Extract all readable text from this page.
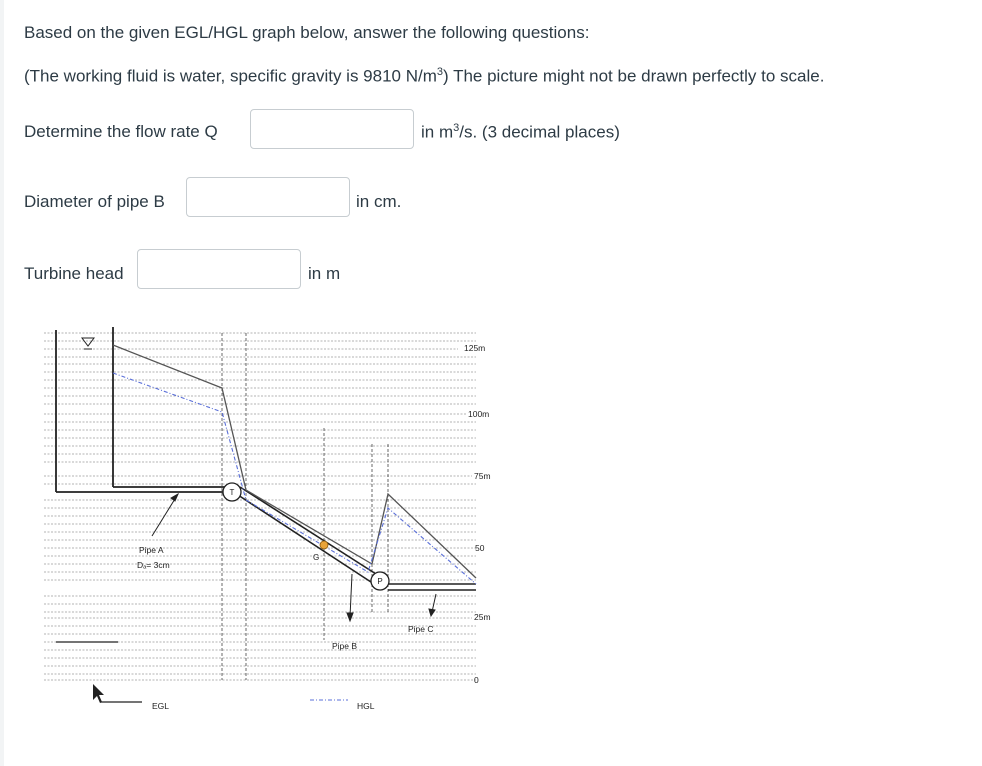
Based on the given EGL/HGL graph below, answer the following questions:
(The working fluid is water, specific gravity is 9810 $N/m^3$) The picture might not be drawn perfectly to scale.
Determine the flow rate Q	in $m^3/s$. (3 decimal places)
Diameter of pipe B	in cm.
Turbine head	in m
T
P
G
125m
100m
75m
50
25m
0
Pipe A
Dₐ= 3cm
Pipe B
Pipe C
EGL	HGL
